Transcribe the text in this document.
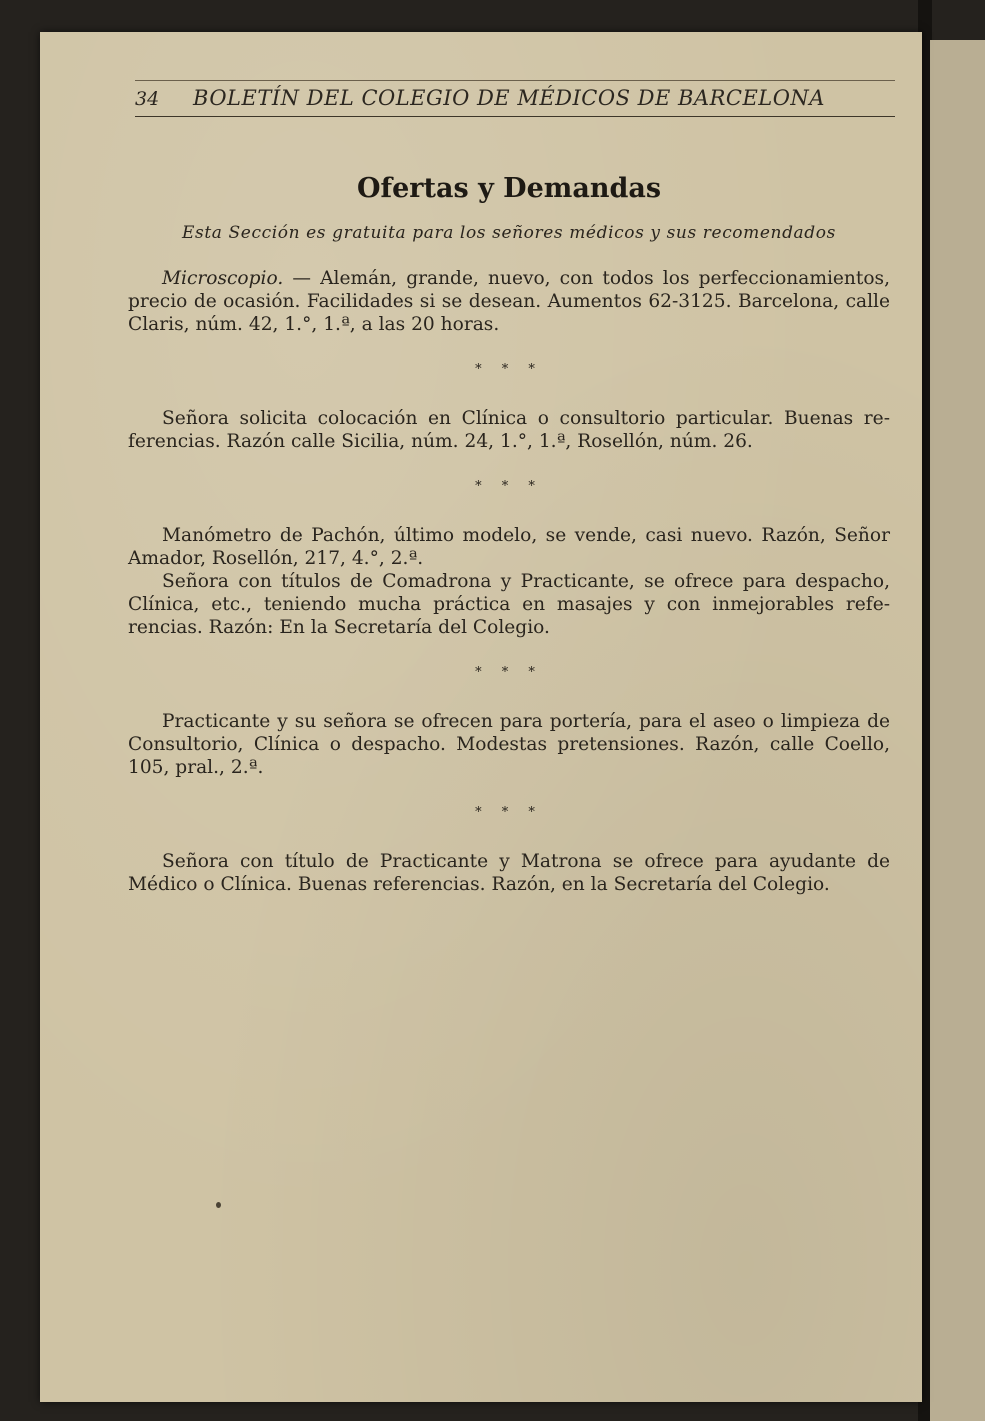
34 BOLETÍN DEL COLEGIO DE MÉDICOS DE BARCELONA
Ofertas y Demandas

Esta Sección es gratuita para los señores médicos y sus recomendados

Microscopio. — Alemán, grande, nuevo, con todos los perfeccionamientos, precio de ocasión. Facilidades si se desean. Aumentos 62-3125. Barcelona, calle Claris, núm. 42, 1.°, 1.ª, a las 20 horas.

* * *

Señora solicita colocación en Clínica o consultorio particular. Buenas referencias. Razón calle Sicilia, núm. 24, 1.°, 1.ª, Rosellón, núm. 26.

* * *

Manómetro de Pachón, último modelo, se vende, casi nuevo. Razón, Señor Amador, Rosellón, 217, 4.°, 2.ª.

Señora con títulos de Comadrona y Practicante, se ofrece para despacho, Clínica, etc., teniendo mucha práctica en masajes y con inmejorables referencias. Razón: En la Secretaría del Colegio.

* * *

Practicante y su señora se ofrecen para portería, para el aseo o limpieza de Consultorio, Clínica o despacho. Modestas pretensiones. Razón, calle Coello, 105, pral., 2.ª.

* * *

Señora con título de Practicante y Matrona se ofrece para ayudante de Médico o Clínica. Buenas referencias. Razón, en la Secretaría del Colegio.
